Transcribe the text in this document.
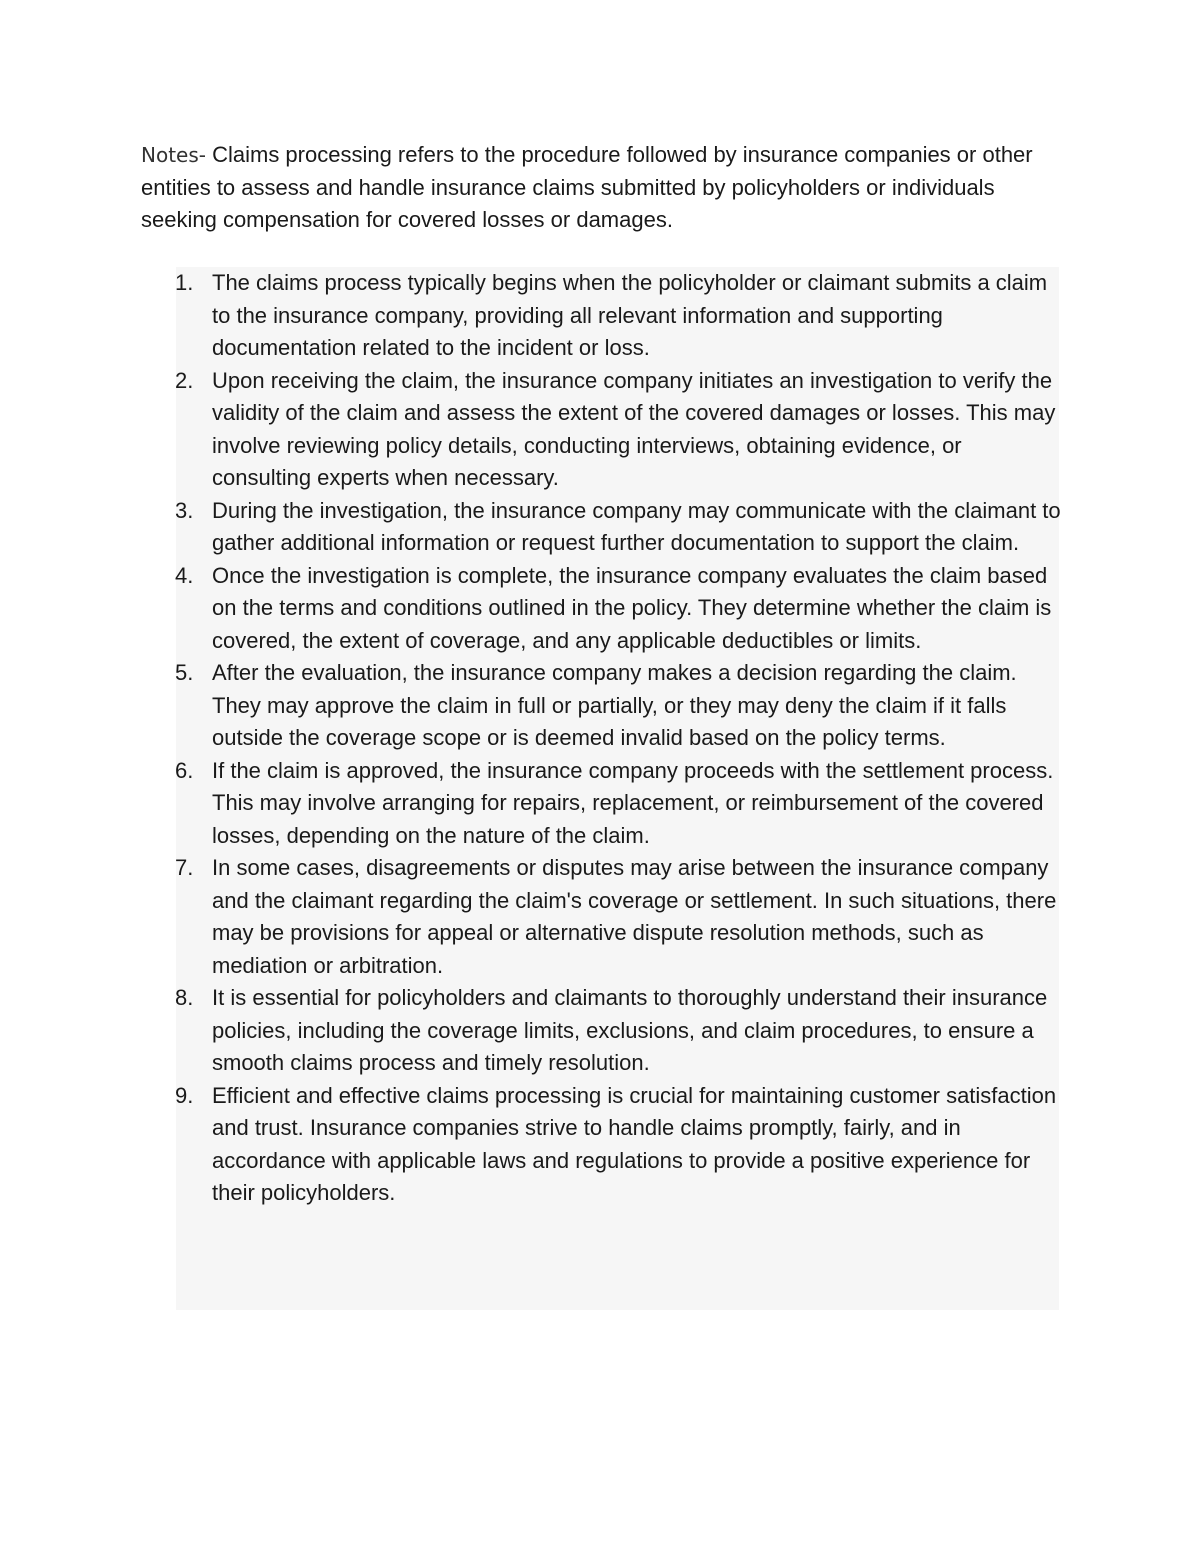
Notes- Claims processing refers to the procedure followed by insurance companies or other entities to assess and handle insurance claims submitted by policyholders or individuals seeking compensation for covered losses or damages.

1. The claims process typically begins when the policyholder or claimant submits a claim to the insurance company, providing all relevant information and supporting documentation related to the incident or loss.
2. Upon receiving the claim, the insurance company initiates an investigation to verify the validity of the claim and assess the extent of the covered damages or losses. This may involve reviewing policy details, conducting interviews, obtaining evidence, or consulting experts when necessary.
3. During the investigation, the insurance company may communicate with the claimant to gather additional information or request further documentation to support the claim.
4. Once the investigation is complete, the insurance company evaluates the claim based on the terms and conditions outlined in the policy. They determine whether the claim is covered, the extent of coverage, and any applicable deductibles or limits.
5. After the evaluation, the insurance company makes a decision regarding the claim. They may approve the claim in full or partially, or they may deny the claim if it falls outside the coverage scope or is deemed invalid based on the policy terms.
6. If the claim is approved, the insurance company proceeds with the settlement process. This may involve arranging for repairs, replacement, or reimbursement of the covered losses, depending on the nature of the claim.
7. In some cases, disagreements or disputes may arise between the insurance company and the claimant regarding the claim's coverage or settlement. In such situations, there may be provisions for appeal or alternative dispute resolution methods, such as mediation or arbitration.
8. It is essential for policyholders and claimants to thoroughly understand their insurance policies, including the coverage limits, exclusions, and claim procedures, to ensure a smooth claims process and timely resolution.
9. Efficient and effective claims processing is crucial for maintaining customer satisfaction and trust. Insurance companies strive to handle claims promptly, fairly, and in accordance with applicable laws and regulations to provide a positive experience for their policyholders.
